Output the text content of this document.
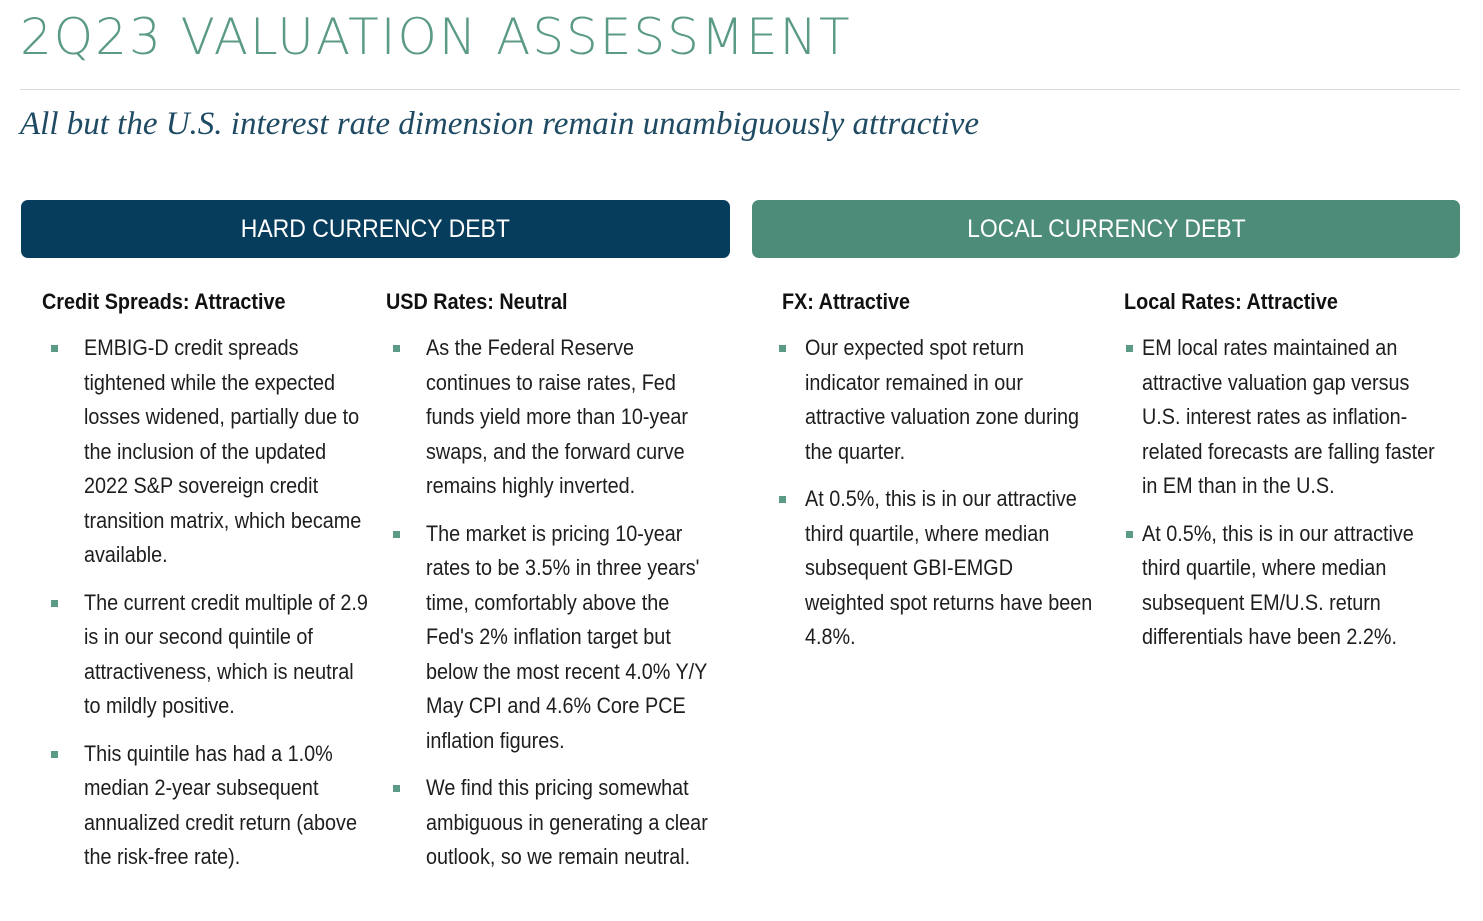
2Q23 VALUATION ASSESSMENT
All but the U.S. interest rate dimension remain unambiguously attractive
HARD CURRENCY DEBT	LOCAL CURRENCY DEBT
Credit Spreads: Attractive
EMBIG-D credit spreads tightened while the expected losses widened, partially due to the inclusion of the updated 2022 S&P sovereign credit transition matrix, which became available.
The current credit multiple of 2.9 is in our second quintile of attractiveness, which is neutral to mildly positive.
This quintile has had a 1.0% median 2-year subsequent annualized credit return (above the risk-free rate).
USD Rates: Neutral
As the Federal Reserve continues to raise rates, Fed funds yield more than 10-year swaps, and the forward curve remains highly inverted.
The market is pricing 10-year rates to be 3.5% in three years' time, comfortably above the Fed's 2% inflation target but below the most recent 4.0% Y/Y May CPI and 4.6% Core PCE inflation figures.
We find this pricing somewhat ambiguous in generating a clear outlook, so we remain neutral.
FX: Attractive
Our expected spot return indicator remained in our attractive valuation zone during the quarter.
At 0.5%, this is in our attractive third quartile, where median subsequent GBI-EMGD weighted spot returns have been 4.8%.
Local Rates: Attractive
EM local rates maintained an attractive valuation gap versus U.S. interest rates as inflation-related forecasts are falling faster in EM than in the U.S.
At 0.5%, this is in our attractive third quartile, where median subsequent EM/U.S. return differentials have been 2.2%.
